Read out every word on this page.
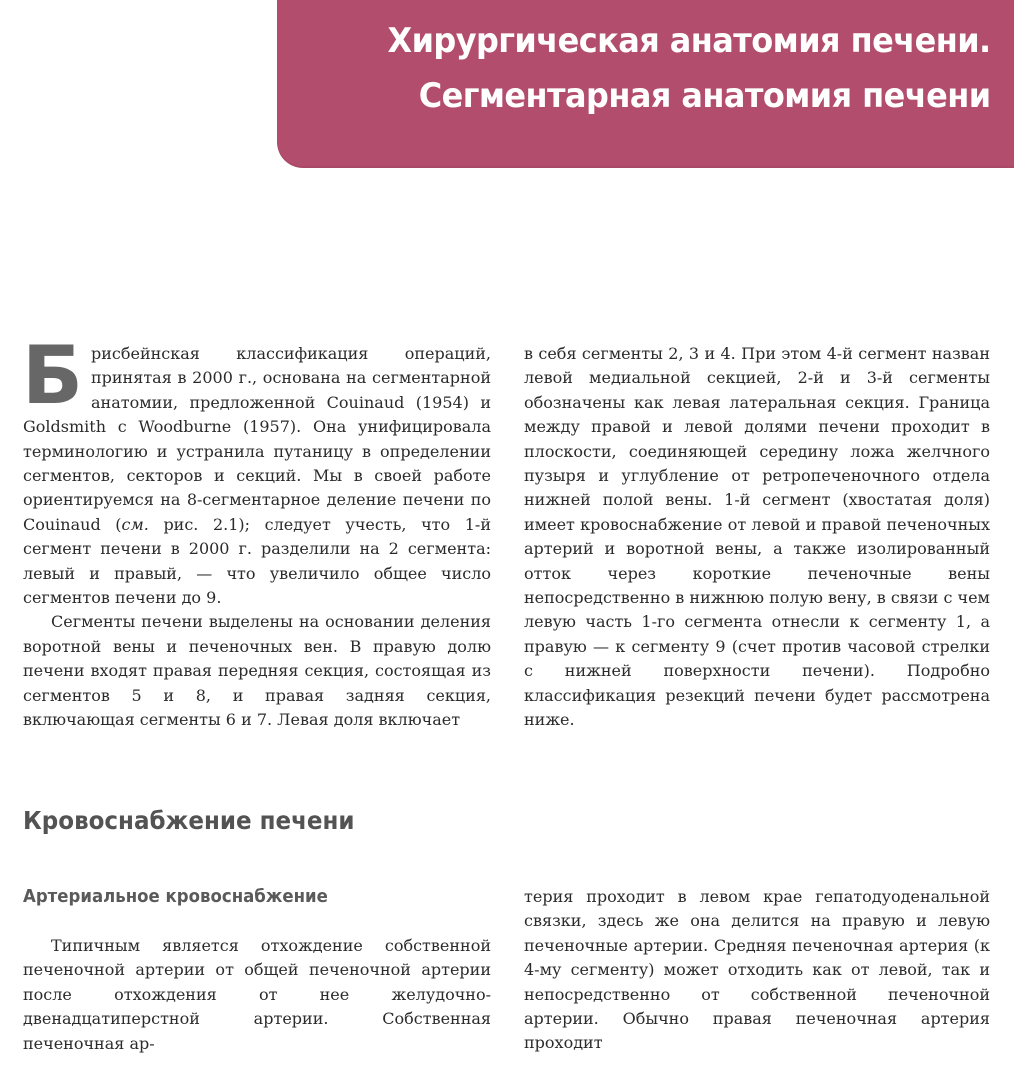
Хирургическая анатомия печени.
Сегментарная анатомия печени

Брисбейнская классификация операций, принятая в 2000 г., основана на сегментарной анатомии, предложенной Couinaud (1954) и Goldsmith с Woodburne (1957). Она унифицировала терминологию и устранила путаницу в определении сегментов, секторов и секций. Мы в своей работе ориентируемся на 8-сегментарное деление печени по Couinaud (см. рис. 2.1); следует учесть, что 1-й сегмент печени в 2000 г. разделили на 2 сегмента: левый и правый, — что увеличило общее число сегментов печени до 9.

Сегменты печени выделены на основании деления воротной вены и печеночных вен. В правую долю печени входят правая передняя секция, состоящая из сегментов 5 и 8, и правая задняя секция, включающая сегменты 6 и 7. Левая доля включает

в себя сегменты 2, 3 и 4. При этом 4-й сегмент назван левой медиальной секцией, 2-й и 3-й сегменты обозначены как левая латеральная секция. Граница между правой и левой долями печени проходит в плоскости, соединяющей середину ложа желчного пузыря и углубление от ретропеченочного отдела нижней полой вены. 1-й сегмент (хвостатая доля) имеет кровоснабжение от левой и правой печеночных артерий и воротной вены, а также изолированный отток через короткие печеночные вены непосредственно в нижнюю полую вену, в связи с чем левую часть 1-го сегмента отнесли к сегменту 1, а правую — к сегменту 9 (счет против часовой стрелки с нижней поверхности печени). Подробно классификация резекций печени будет рассмотрена ниже.

Кровоснабжение печени
Артериальное кровоснабжение

Типичным является отхождение собственной печеночной артерии от общей печеночной артерии после отхождения от нее желудочно-двенадцатиперстной артерии. Собственная печеночная ар-

терия проходит в левом крае гепатодуоденальной связки, здесь же она делится на правую и левую печеночные артерии. Средняя печеночная артерия (к 4-му сегменту) может отходить как от левой, так и непосредственно от собственной печеночной артерии. Обычно правая печеночная артерия проходит
